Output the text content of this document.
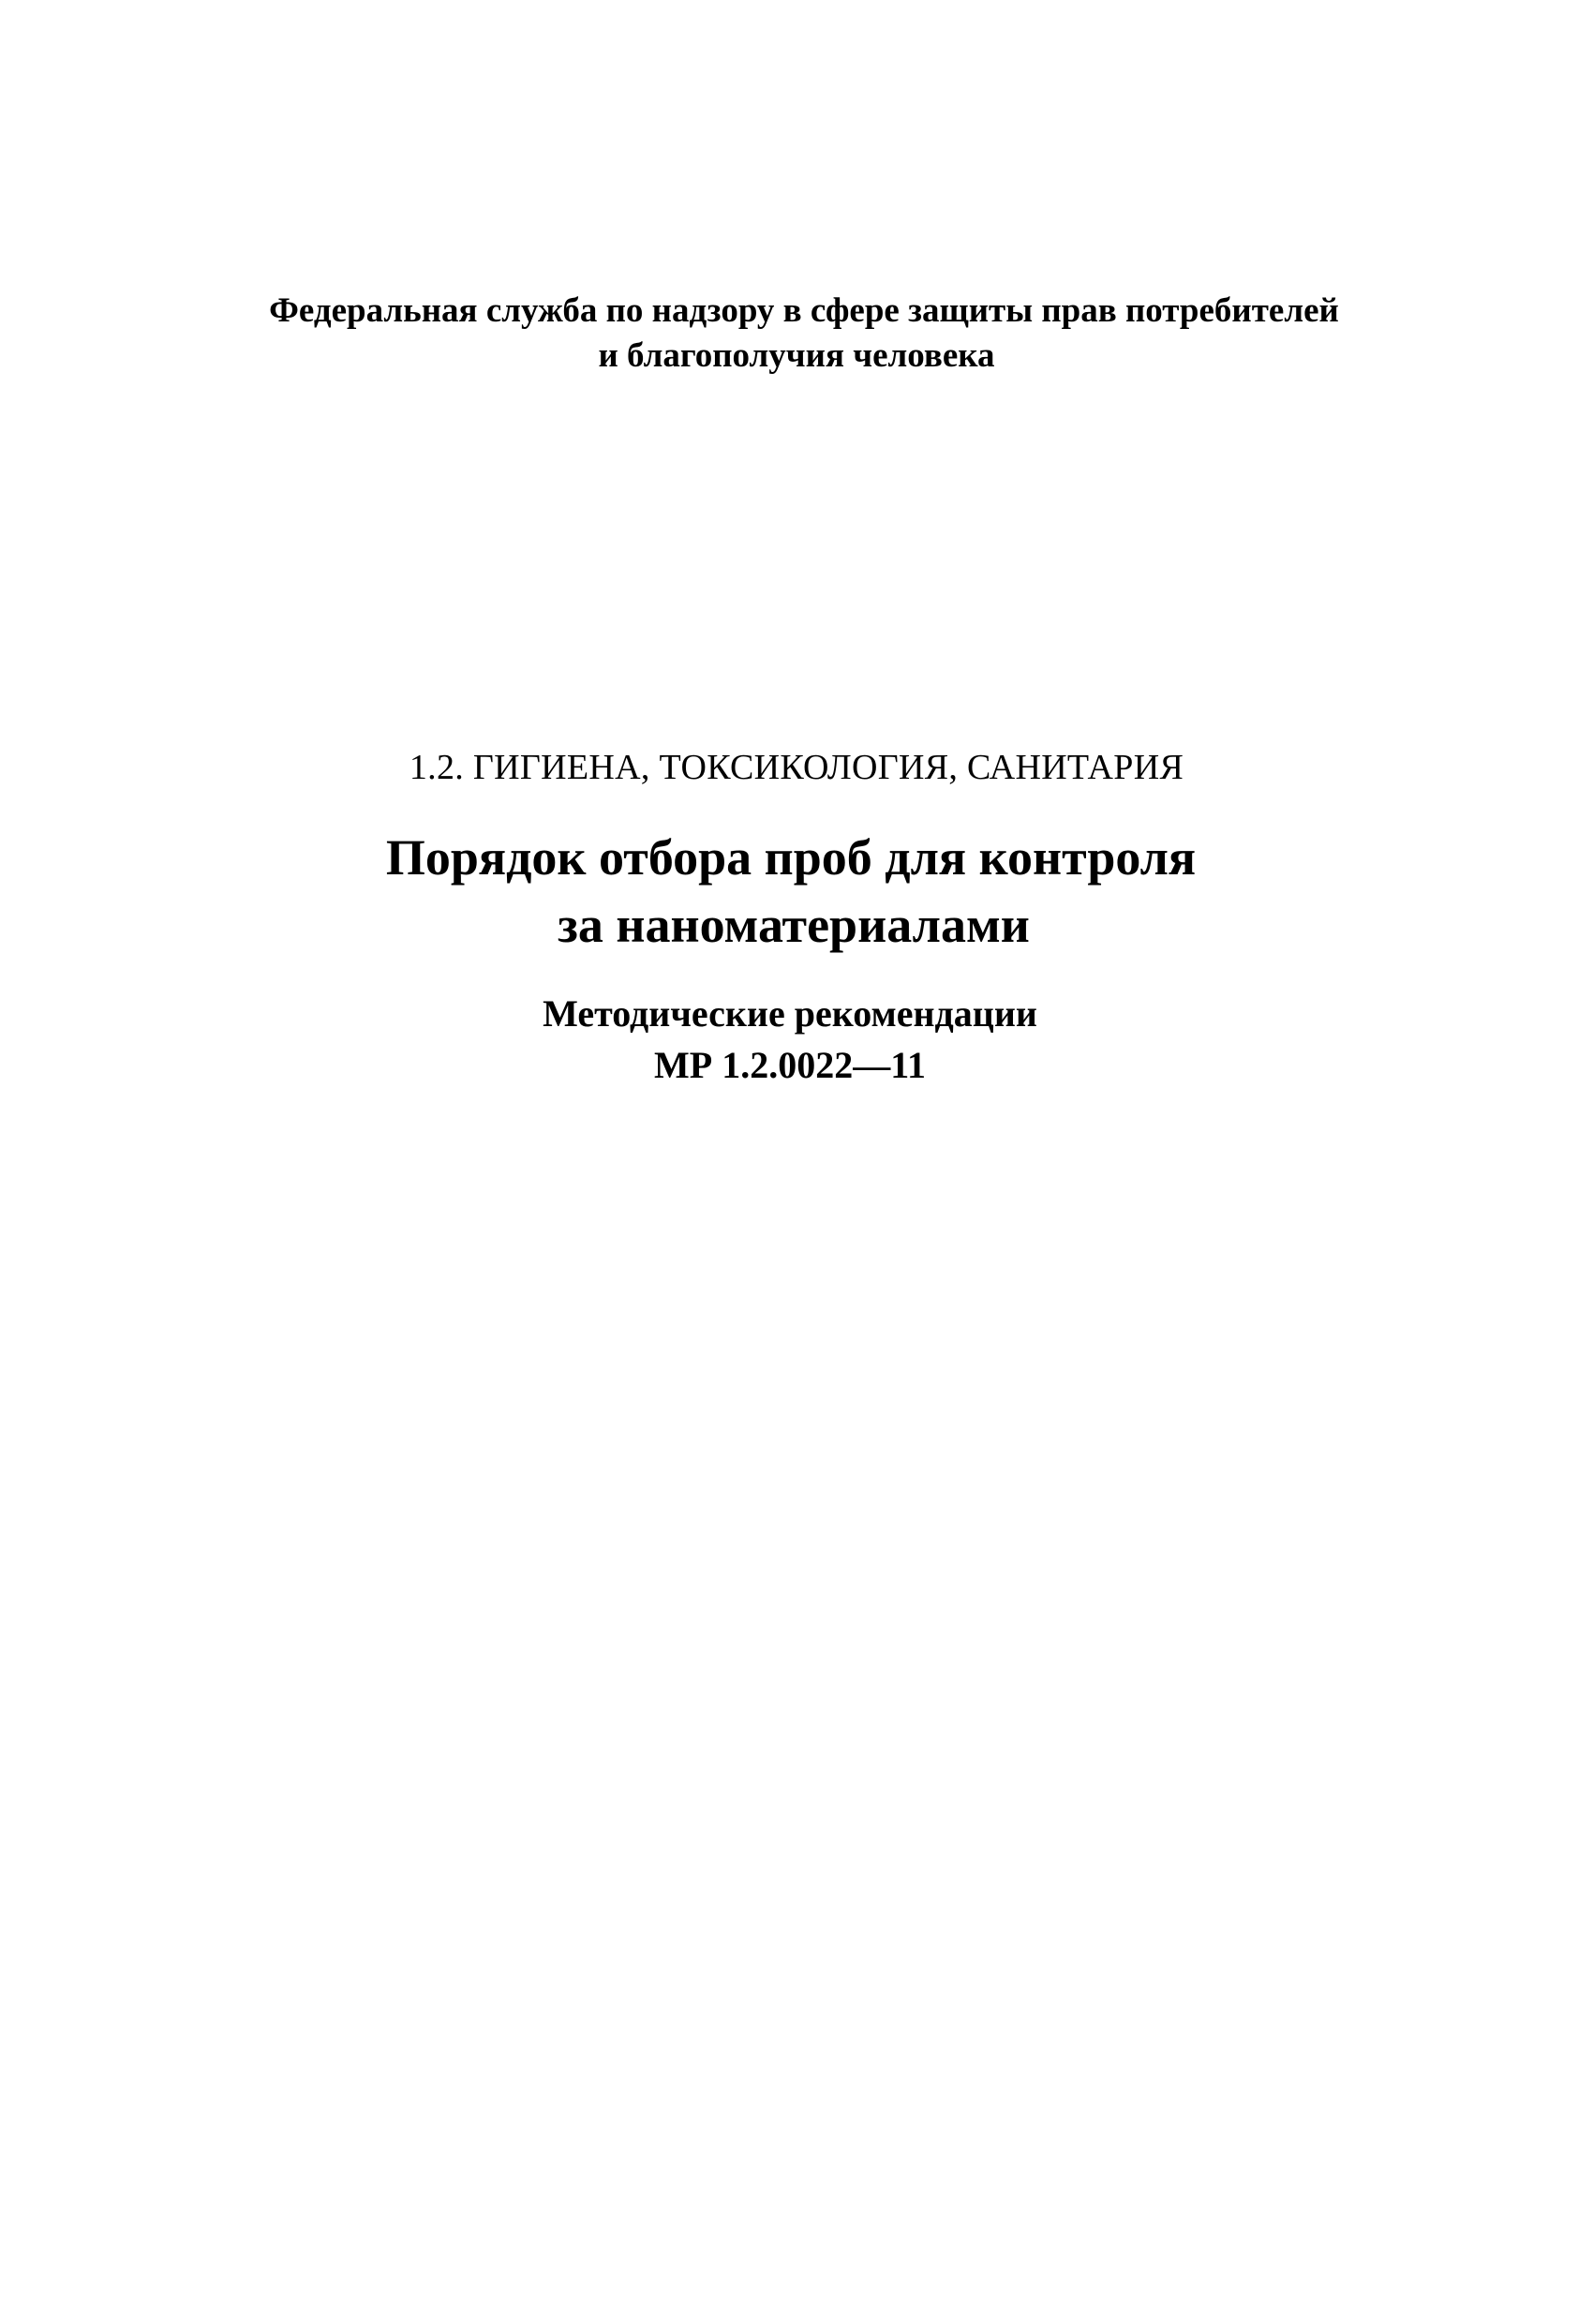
Федеральная служба по надзору в сфере защиты прав потребителей
и благополучия человека
1.2. ГИГИЕНА, ТОКСИКОЛОГИЯ, САНИТАРИЯ
Порядок отбора проб для контроля
за наноматериалами
Методические рекомендации
МР 1.2.0022—11
